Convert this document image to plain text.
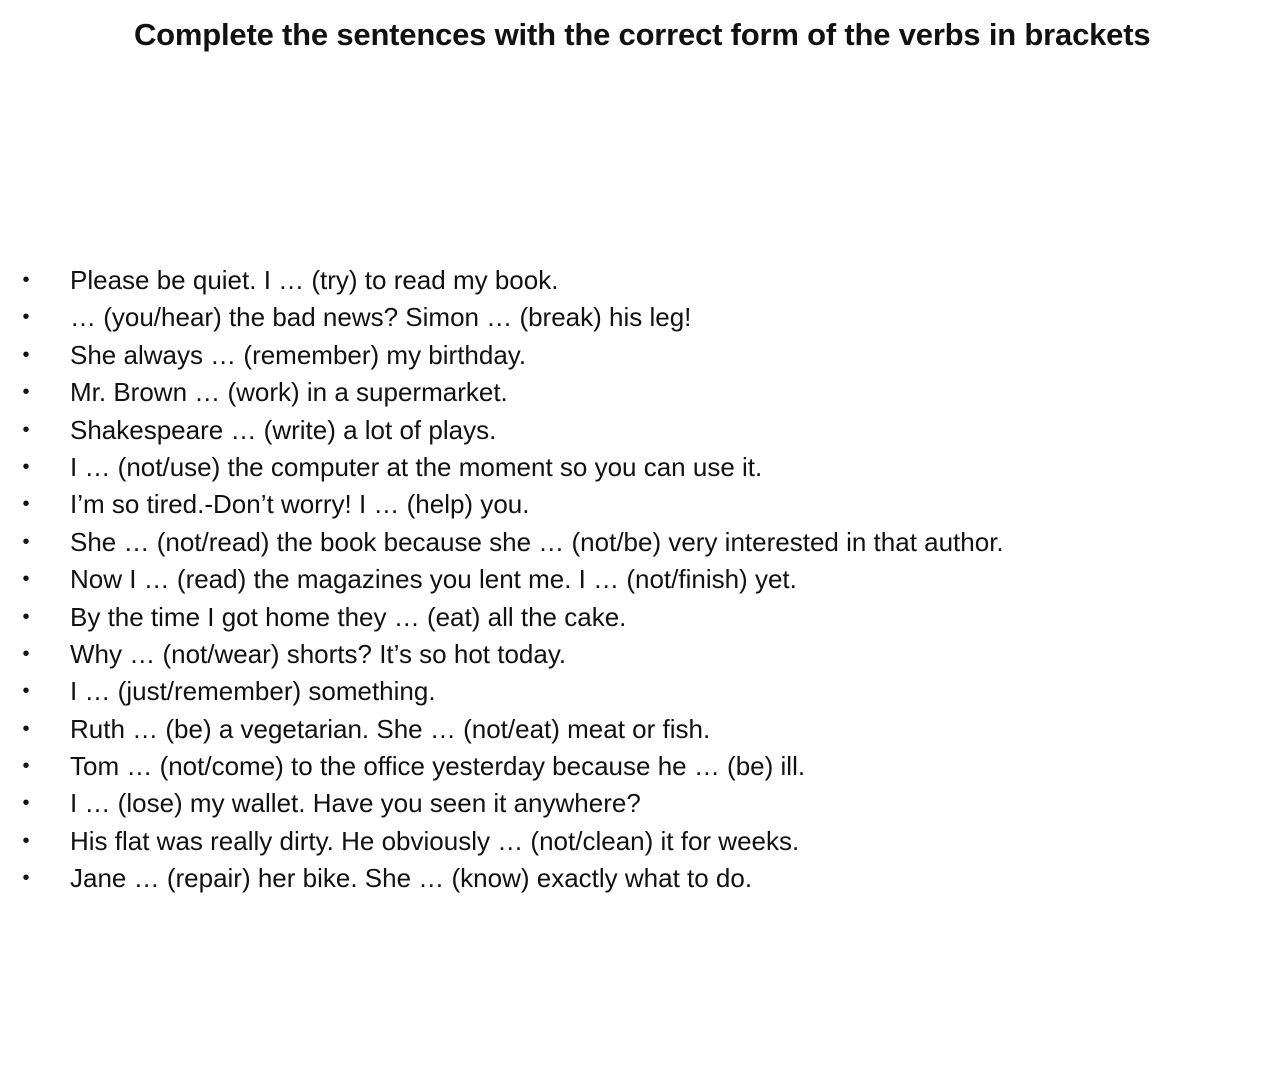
Complete the sentences with the correct form of the verbs in brackets
• Please be quiet. I … (try) to read my book.
• … (you/hear) the bad news? Simon … (break) his leg!
• She always … (remember) my birthday.
• Mr. Brown … (work) in a supermarket.
• Shakespeare … (write) a lot of plays.
• I … (not/use) the computer at the moment so you can use it.
• I’m so tired.-Don’t worry! I … (help) you.
• She … (not/read) the book because she … (not/be) very interested in that author.
• Now I … (read) the magazines you lent me. I … (not/finish) yet.
• By the time I got home they … (eat) all the cake.
• Why … (not/wear) shorts? It’s so hot today.
• I … (just/remember) something.
• Ruth … (be) a vegetarian. She … (not/eat) meat or fish.
• Tom … (not/come) to the office yesterday because he … (be) ill.
• I … (lose) my wallet. Have you seen it anywhere?
• His flat was really dirty. He obviously … (not/clean) it for weeks.
• Jane … (repair) her bike. She … (know) exactly what to do.
